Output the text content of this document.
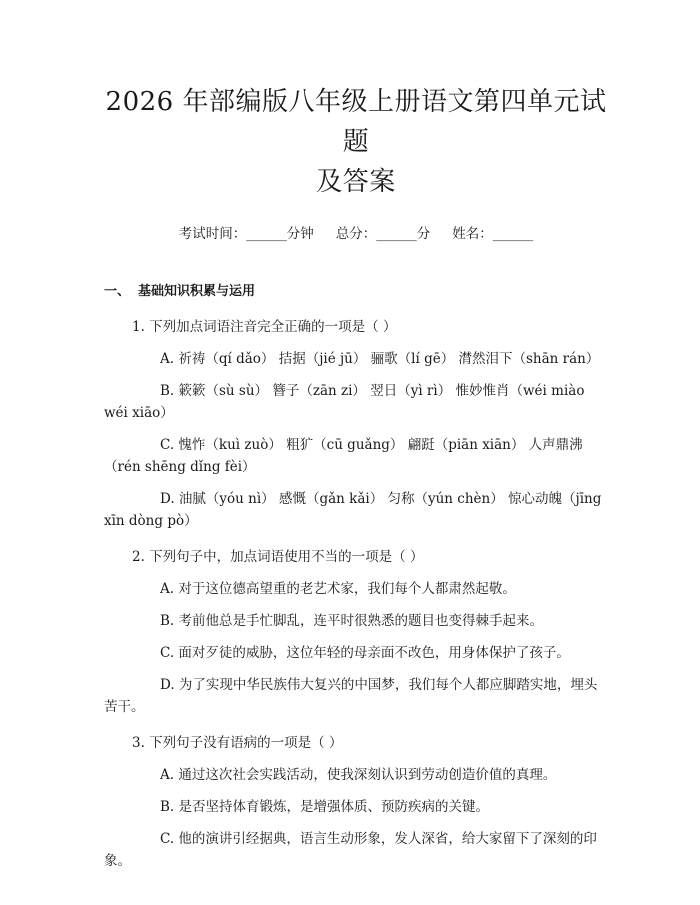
2026 年部编版八年级上册语文第四单元试题
及答案
考试时间：______分钟 总分：______分 姓名：______
一、 基础知识积累与运用
1. 下列加点词语注音完全正确的一项是（ ）
A. 祈祷（qí dǎo） 拮据（jié jū） 骊歌（lí gē） 潸然泪下（shān rán）
B. 簌簌（sù sù） 簪子（zān zi） 翌日（yì rì） 惟妙惟肖（wéi miào wéi xiāo）
C. 愧怍（kuì zuò） 粗犷（cū guǎng） 翩跹（piān xiān） 人声鼎沸（rén shēng dǐng fèi）
D. 油腻（yóu nì） 感慨（gǎn kǎi） 匀称（yún chèn） 惊心动魄（jīng xīn dòng pò）
2. 下列句子中，加点词语使用不当的一项是（ ）
A. 对于这位德高望重的老艺术家，我们每个人都肃然起敬。
B. 考前他总是手忙脚乱，连平时很熟悉的题目也变得棘手起来。
C. 面对歹徒的威胁，这位年轻的母亲面不改色，用身体保护了孩子。
D. 为了实现中华民族伟大复兴的中国梦，我们每个人都应脚踏实地，埋头苦干。
3. 下列句子没有语病的一项是（ ）
A. 通过这次社会实践活动，使我深刻认识到劳动创造价值的真理。
B. 是否坚持体育锻炼，是增强体质、预防疾病的关键。
C. 他的演讲引经据典，语言生动形象，发人深省，给大家留下了深刻的印象。
